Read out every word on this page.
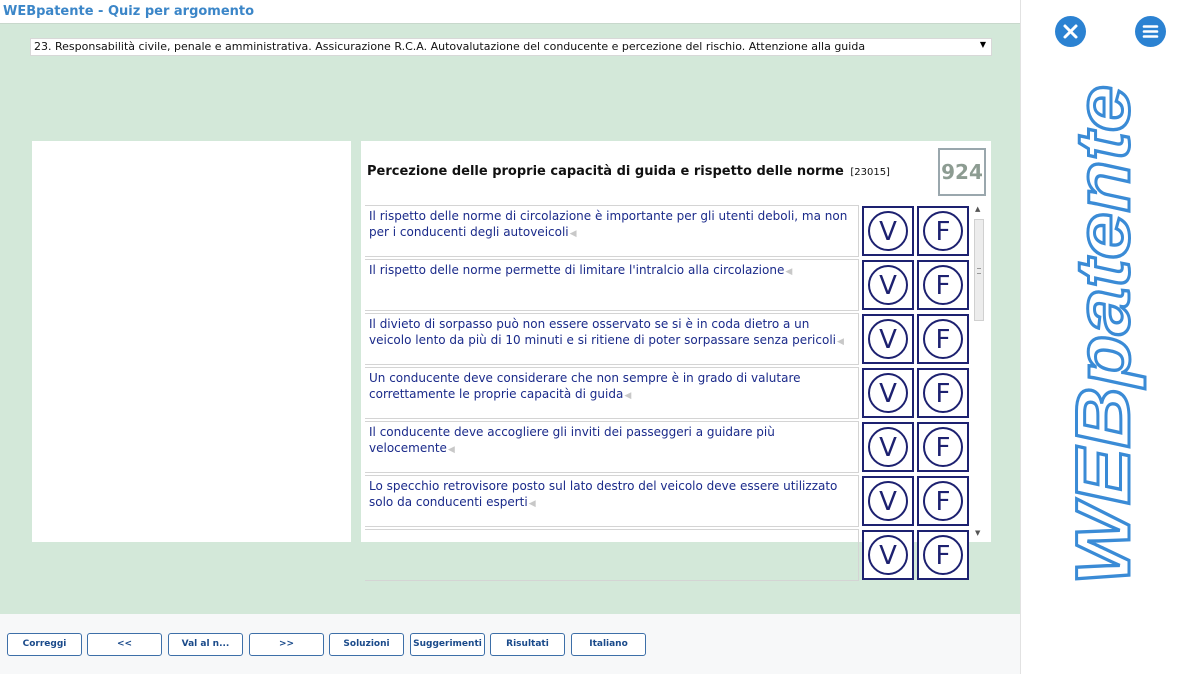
WEBpatente - Quiz per argomento
23. Responsabilità civile, penale e amministrativa. Assicurazione R.C.A. Autovalutazione del conducente e percezione del rischio. Attenzione alla guida	▼
Percezione delle proprie capacità di guida e rispetto delle norme [23015]	924
Il rispetto delle norme di circolazione è importante per gli utenti deboli, ma non per i conducenti degli autoveicoli◀	V	F
Il rispetto delle norme permette di limitare l'intralcio alla circolazione◀	V	F
Il divieto di sorpasso può non essere osservato se si è in coda dietro a un veicolo lento da più di 10 minuti e si ritiene di poter sorpassare senza pericoli◀	V	F
Un conducente deve considerare che non sempre è in grado di valutare correttamente le proprie capacità di guida◀	V	F
Il conducente deve accogliere gli inviti dei passeggeri a guidare più velocemente◀	V	F
Lo specchio retrovisore posto sul lato destro del veicolo deve essere utilizzato solo da conducenti esperti◀	V	F
V	F
▲
▼
Correggi	<<	Val al n...	>>	Soluzioni	Suggerimenti	Risultati	Italiano
WEBpatente
